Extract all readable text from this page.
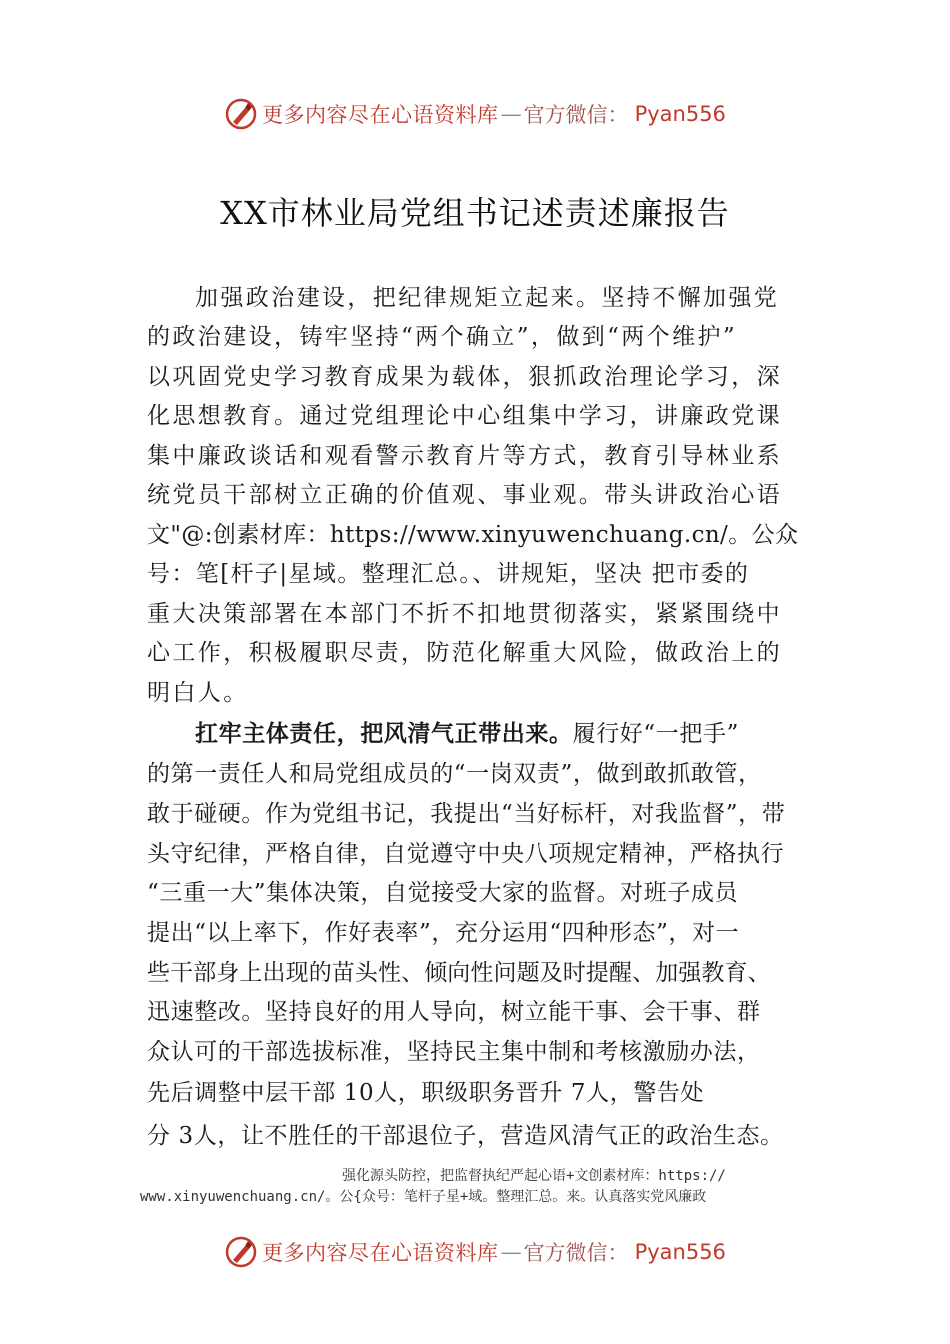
更多内容尽在心语资料库 — 官方微信： Pyan556
XX市林业局党组书记述责述廉报告
加强政治建设，把纪律规矩立起来。坚持不懈加强党
的政治建设，铸牢坚持“两个确立”，做到“两个维护”
以巩固党史学习教育成果为载体，狠抓政治理论学习，深
化思想教育。通过党组理论中心组集中学习，讲廉政党课
集中廉政谈话和观看警示教育片等方式，教育引导林业系
统党员干部树立正确的价值观、事业观。带头讲政治心语
文"@:创素材库：https://www.xinyuwenchuang.cn/。公众
号：笔[杆子|星域。整理汇总。、讲规矩，坚决 把市委的
重大决策部署在本部门不折不扣地贯彻落实，紧紧围绕中
心工作，积极履职尽责，防范化解重大风险，做政治上的
明白人。
扛牢主体责任，把风清气正带出来。履行好“一把手”
的第一责任人和局党组成员的“一岗双责”，做到敢抓敢管，
敢于碰硬。作为党组书记，我提出“当好标杆，对我监督”，带
头守纪律，严格自律，自觉遵守中央八项规定精神，严格执行
“三重一大”集体决策，自觉接受大家的监督。对班子成员
提出“以上率下，作好表率”，充分运用“四种形态”，对一
些干部身上出现的苗头性、倾向性问题及时提醒、加强教育、
迅速整改。坚持良好的用人导向，树立能干事、会干事、群
众认可的干部选拔标准，坚持民主集中制和考核激励办法，
先后调整中层干部 10人，职级职务晋升 7人，警告处
分 3人，让不胜任的干部退位子，营造风清气正的政治生态。
强化源头防控，把监督执纪严起心语+文创素材库：https://
www.xinyuwenchuang.cn/。公{众号：笔杆子星+域。整理汇总。来。认真落实党风廉政
更多内容尽在心语资料库 — 官方微信： Pyan556
